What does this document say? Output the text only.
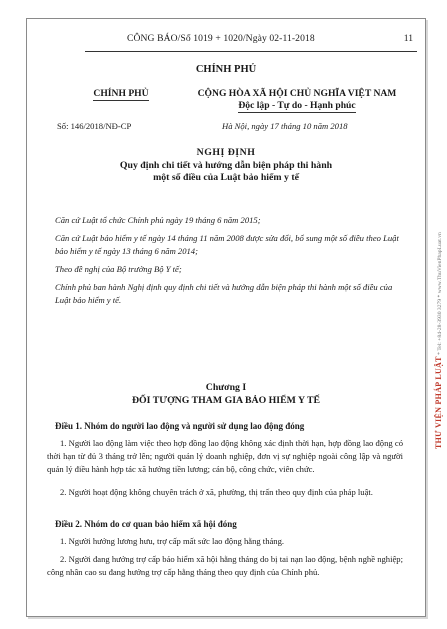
CÔNG BÁO/Số 1019 + 1020/Ngày 02-11-2018	11
CHÍNH PHỦ
CHÍNH PHỦ	CỘNG HÒA XÃ HỘI CHỦ NGHĨA VIỆT NAM
Độc lập - Tự do - Hạnh phúc
Số: 146/2018/NĐ-CP	Hà Nội, ngày 17 tháng 10 năm 2018
NGHỊ ĐỊNH
Quy định chi tiết và hướng dẫn biện pháp thi hành
một số điều của Luật bảo hiểm y tế
Căn cứ Luật tổ chức Chính phủ ngày 19 tháng 6 năm 2015;
Căn cứ Luật bảo hiểm y tế ngày 14 tháng 11 năm 2008 được sửa đổi, bổ sung một số điều theo Luật bảo hiểm y tế ngày 13 tháng 6 năm 2014;
Theo đề nghị của Bộ trưởng Bộ Y tế;
Chính phủ ban hành Nghị định quy định chi tiết và hướng dẫn biện pháp thi hành một số điều của Luật bảo hiểm y tế.
Chương I
ĐỐI TƯỢNG THAM GIA BẢO HIỂM Y TẾ
Điều 1. Nhóm do người lao động và người sử dụng lao động đóng
1. Người lao động làm việc theo hợp đồng lao động không xác định thời hạn, hợp đồng lao động có thời hạn từ đủ 3 tháng trở lên; người quản lý doanh nghiệp, đơn vị sự nghiệp ngoài công lập và người quản lý điều hành hợp tác xã hưởng tiền lương; cán bộ, công chức, viên chức.
2. Người hoạt động không chuyên trách ở xã, phường, thị trấn theo quy định của pháp luật.
Điều 2. Nhóm do cơ quan bảo hiểm xã hội đóng
1. Người hưởng lương hưu, trợ cấp mất sức lao động hằng tháng.
2. Người đang hưởng trợ cấp bảo hiểm xã hội hằng tháng do bị tai nạn lao động, bệnh nghề nghiệp; công nhân cao su đang hưởng trợ cấp hằng tháng theo quy định của Chính phủ.
THƯ VIỆN PHÁP LUẬT * Tel: +84-28-3930 3279 * www.ThuVienPhapLuat.vn
